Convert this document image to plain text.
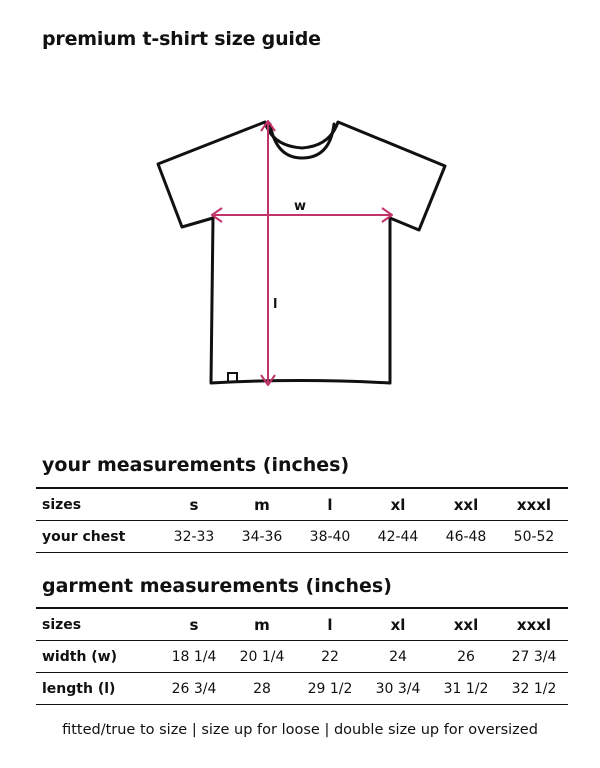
premium t-shirt size guide
w
l
your measurements (inches)
sizes	s	m	l	xl	xxl	xxxl
your chest	32-33	34-36	38-40	42-44	46-48	50-52
garment measurements (inches)
sizes	s	m	l	xl	xxl	xxxl
width (w)	18 1/4	20 1/4	22	24	26	27 3/4
length (l)	26 3/4	28	29 1/2	30 3/4	31 1/2	32 1/2
fitted/true to size | size up for loose | double size up for oversized
